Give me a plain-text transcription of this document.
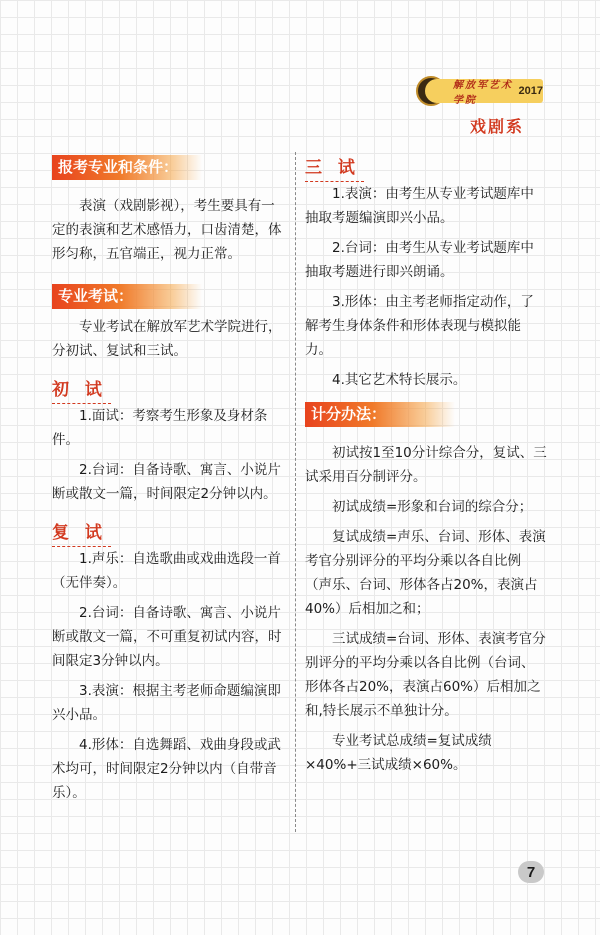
解放军艺术学院
2017
戏剧系
报考专业和条件：

表演（戏剧影视），考生要具有一定的表演和艺术感悟力，口齿清楚，体形匀称，五官端正，视力正常。

专业考试：

专业考试在解放军艺术学院进行，分初试、复试和三试。

初 试

1.面试：考察考生形象及身材条件。

2.台词：自备诗歌、寓言、小说片断或散文一篇，时间限定2分钟以内。

复 试

1.声乐：自选歌曲或戏曲选段一首（无伴奏）。

2.台词：自备诗歌、寓言、小说片断或散文一篇，不可重复初试内容，时间限定3分钟以内。

3.表演：根据主考老师命题编演即兴小品。

4.形体：自选舞蹈、戏曲身段或武术均可，时间限定2分钟以内（自带音乐）。

三 试

1.表演：由考生从专业考试题库中抽取考题编演即兴小品。

2.台词：由考生从专业考试题库中抽取考题进行即兴朗诵。

3.形体：由主考老师指定动作，了解考生身体条件和形体表现与模拟能力。

4.其它艺术特长展示。

计分办法：

初试按1至10分计综合分，复试、三试采用百分制评分。

初试成绩=形象和台词的综合分；

复试成绩=声乐、台词、形体、表演考官分别评分的平均分乘以各自比例（声乐、台词、形体各占20%，表演占40%）后相加之和；

三试成绩=台词、形体、表演考官分别评分的平均分乘以各自比例（台词、形体各占20%，表演占60%）后相加之和,特长展示不单独计分。

专业考试总成绩=复试成绩×40%+三试成绩×60%。

7
